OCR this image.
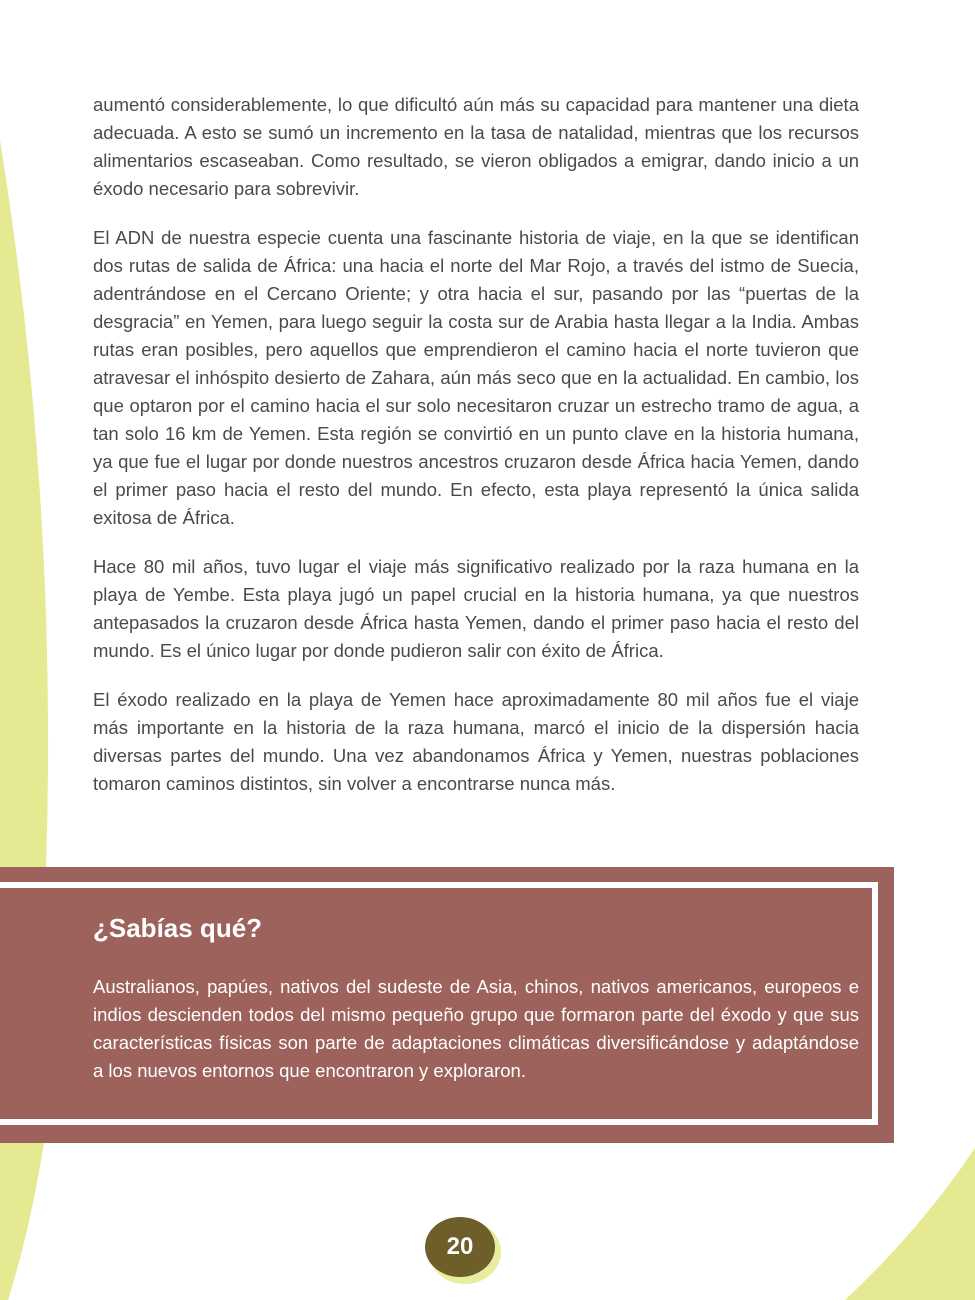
aumentó considerablemente, lo que dificultó aún más su capacidad para mantener una dieta adecuada. A esto se sumó un incremento en la tasa de natalidad, mientras que los recursos alimentarios escaseaban. Como resultado, se vieron obligados a emigrar, dando inicio a un éxodo necesario para sobrevivir.

El ADN de nuestra especie cuenta una fascinante historia de viaje, en la que se identifican dos rutas de salida de África: una hacia el norte del Mar Rojo, a través del istmo de Suecia, adentrándose en el Cercano Oriente; y otra hacia el sur, pasando por las “puertas de la desgracia” en Yemen, para luego seguir la costa sur de Arabia hasta llegar a la India. Ambas rutas eran posibles, pero aquellos que emprendieron el camino hacia el norte tuvieron que atravesar el inhóspito desierto de Zahara, aún más seco que en la actualidad. En cambio, los que optaron por el camino hacia el sur solo necesitaron cruzar un estrecho tramo de agua, a tan solo 16 km de Yemen. Esta región se convirtió en un punto clave en la historia humana, ya que fue el lugar por donde nuestros ancestros cruzaron desde África hacia Yemen, dando el primer paso hacia el resto del mundo. En efecto, esta playa representó la única salida exitosa de África.

Hace 80 mil años, tuvo lugar el viaje más significativo realizado por la raza humana en la playa de Yembe. Esta playa jugó un papel crucial en la historia humana, ya que nuestros antepasados la cruzaron desde África hasta Yemen, dando el primer paso hacia el resto del mundo. Es el único lugar por donde pudieron salir con éxito de África.

El éxodo realizado en la playa de Yemen hace aproximadamente 80 mil años fue el viaje más importante en la historia de la raza humana, marcó el inicio de la dispersión hacia diversas partes del mundo. Una vez abandonamos África y Yemen, nuestras poblaciones tomaron caminos distintos, sin volver a encontrarse nunca más.

¿Sabías qué?

Australianos, papúes, nativos del sudeste de Asia, chinos, nativos americanos, europeos e indios descienden todos del mismo pequeño grupo que formaron parte del éxodo y que sus características físicas son parte de adaptaciones climáticas diversificándose y adaptándose a los nuevos entornos que encontraron y exploraron.

20
